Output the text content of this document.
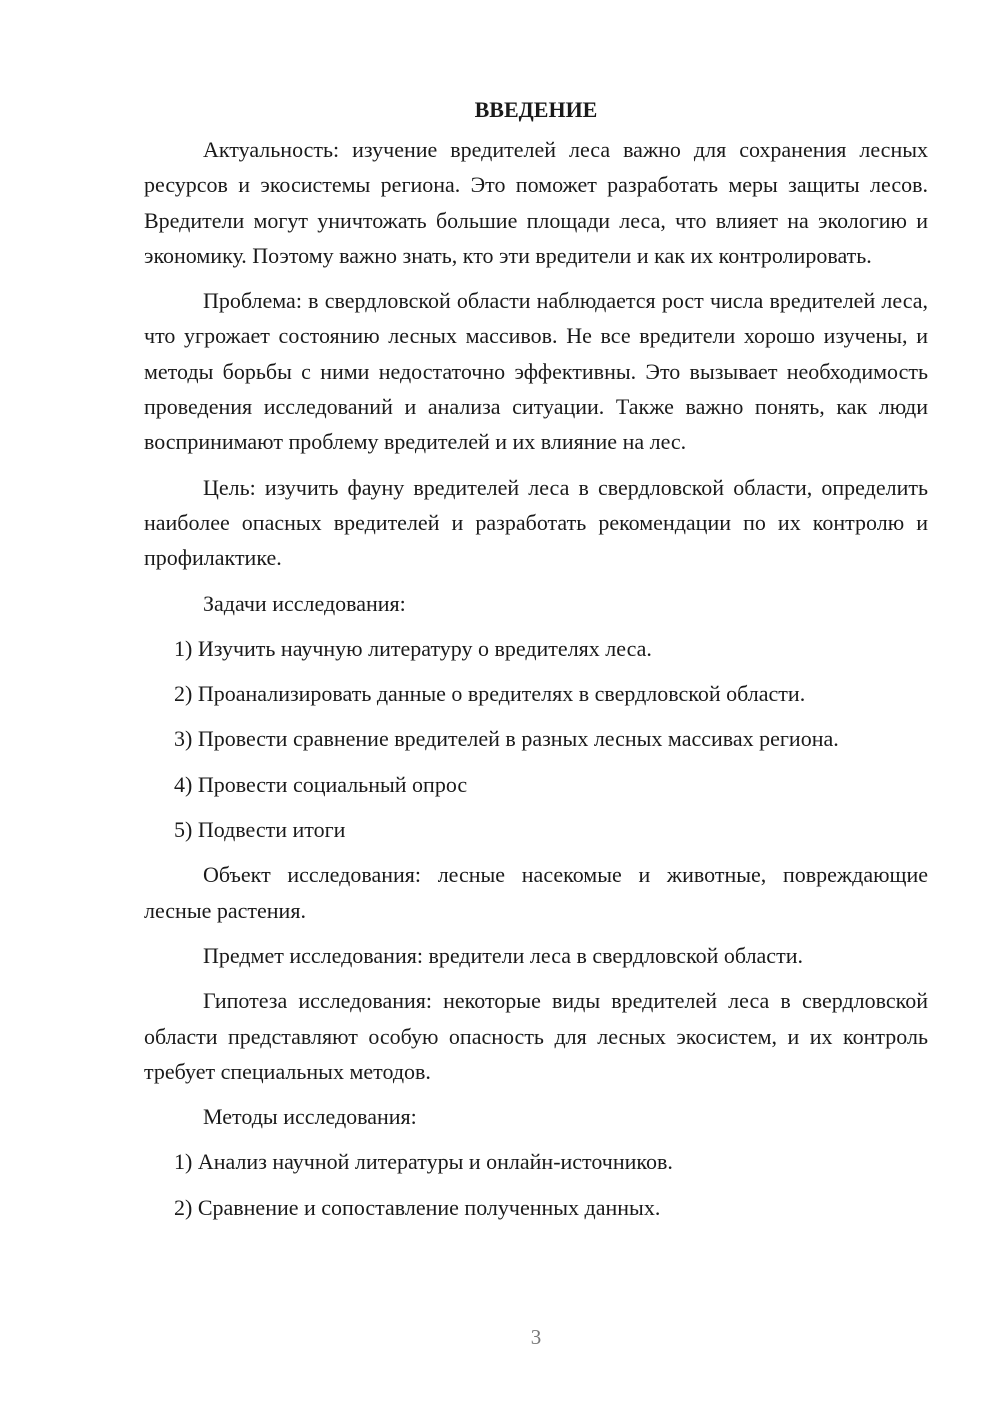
ВВЕДЕНИЕ

Актуальность: изучение вредителей леса важно для сохранения лесных ресурсов и экосистемы региона. Это поможет разработать меры защиты лесов. Вредители могут уничтожать большие площади леса, что влияет на экологию и экономику. Поэтому важно знать, кто эти вредители и как их контролировать.

Проблема: в свердловской области наблюдается рост числа вредителей леса, что угрожает состоянию лесных массивов. Не все вредители хорошо изучены, и методы борьбы с ними недостаточно эффективны. Это вызывает необходимость проведения исследований и анализа ситуации. Также важно понять, как люди воспринимают проблему вредителей и их влияние на лес.

Цель: изучить фауну вредителей леса в свердловской области, определить наиболее опасных вредителей и разработать рекомендации по их контролю и профилактике.

Задачи исследования:

1) Изучить научную литературу о вредителях леса.
2) Проанализировать данные о вредителях в свердловской области.
3) Провести сравнение вредителей в разных лесных массивах региона.
4) Провести социальный опрос
5) Подвести итоги

Объект исследования: лесные насекомые и животные, повреждающие лесные растения.

Предмет исследования: вредители леса в свердловской области.

Гипотеза исследования: некоторые виды вредителей леса в свердловской области представляют особую опасность для лесных экосистем, и их контроль требует специальных методов.

Методы исследования:

1) Анализ научной литературы и онлайн-источников.
2) Сравнение и сопоставление полученных данных.
3
